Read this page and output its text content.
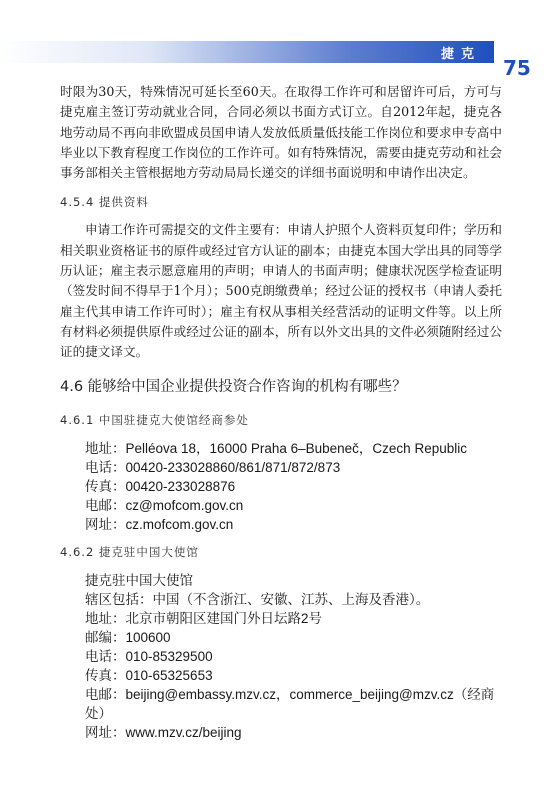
捷克
75

时限为30天，特殊情况可延长至60天。在取得工作许可和居留许可后，方可与捷克雇主签订劳动就业合同，合同必须以书面方式订立。自2012年起，捷克各地劳动局不再向非欧盟成员国申请人发放低质量低技能工作岗位和要求申专高中毕业以下教育程度工作岗位的工作许可。如有特殊情况，需要由捷克劳动和社会事务部相关主管根据地方劳动局局长递交的详细书面说明和申请作出决定。

4.5.4 提供资料

申请工作许可需提交的文件主要有：申请人护照个人资料页复印件；学历和相关职业资格证书的原件或经过官方认证的副本；由捷克本国大学出具的同等学历认证；雇主表示愿意雇用的声明；申请人的书面声明；健康状况医学检查证明（签发时间不得早于1个月）；500克朗缴费单；经过公证的授权书（申请人委托雇主代其申请工作许可时）；雇主有权从事相关经营活动的证明文件等。以上所有材料必须提供原件或经过公证的副本，所有以外文出具的文件必须随附经过公证的捷文译文。

4.6 能够给中国企业提供投资合作咨询的机构有哪些？
4.6.1 中国驻捷克大使馆经商参处
地址：Pelléova 18，16000 Praha 6–Bubeneč，Czech Republic
电话：00420-233028860/861/871/872/873
传真：00420-233028876
电邮：cz@mofcom.gov.cn
网址：cz.mofcom.gov.cn
4.6.2 捷克驻中国大使馆
捷克驻中国大使馆
辖区包括：中国（不含浙江、安徽、江苏、上海及香港）。
地址：北京市朝阳区建国门外日坛路2号
邮编：100600
电话：010-85329500
传真：010-65325653
电邮：beijing@embassy.mzv.cz，commerce_beijing@mzv.cz（经商处）
网址：www.mzv.cz/beijing
